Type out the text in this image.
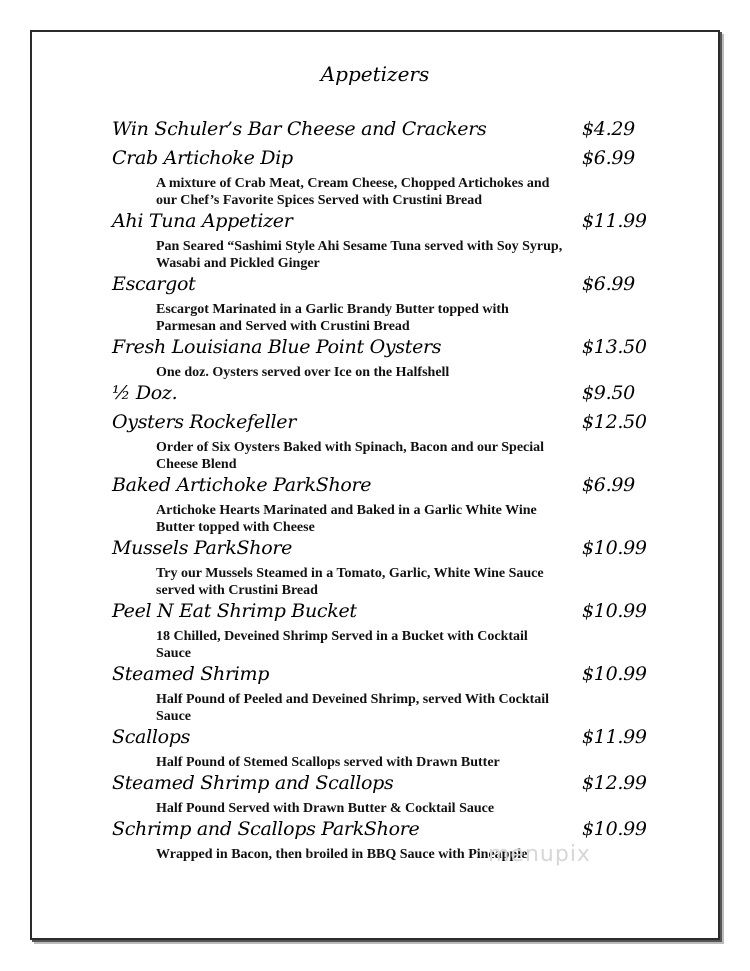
Appetizers
Win Schuler’s Bar Cheese and Crackers	$4.29
Crab Artichoke Dip	$6.99
A mixture of Crab Meat, Cream Cheese, Chopped Artichokes and our Chef’s Favorite Spices Served with Crustini Bread
Ahi Tuna Appetizer	$11.99
Pan Seared “Sashimi Style Ahi Sesame Tuna served with Soy Syrup, Wasabi and Pickled Ginger
Escargot	$6.99
Escargot Marinated in a Garlic Brandy Butter topped with Parmesan and Served with Crustini Bread
Fresh Louisiana Blue Point Oysters	$13.50
One doz. Oysters served over Ice on the Halfshell
½ Doz.	$9.50
Oysters Rockefeller	$12.50
Order of Six Oysters Baked with Spinach, Bacon and our Special Cheese Blend
Baked Artichoke ParkShore	$6.99
Artichoke Hearts Marinated and Baked in a Garlic White Wine Butter topped with Cheese
Mussels ParkShore	$10.99
Try our Mussels Steamed in a Tomato, Garlic, White Wine Sauce served with Crustini Bread
Peel N Eat Shrimp Bucket	$10.99
18 Chilled, Deveined Shrimp Served in a Bucket with Cocktail Sauce
Steamed Shrimp	$10.99
Half Pound of Peeled and Deveined Shrimp, served With Cocktail Sauce
Scallops	$11.99
Half Pound of Stemed Scallops served with Drawn Butter
Steamed Shrimp and Scallops	$12.99
Half Pound Served with Drawn Butter & Cocktail Sauce
Schrimp and Scallops ParkShore	$10.99
Wrapped in Bacon, then broiled in BBQ Sauce with Pineapple
menupix
